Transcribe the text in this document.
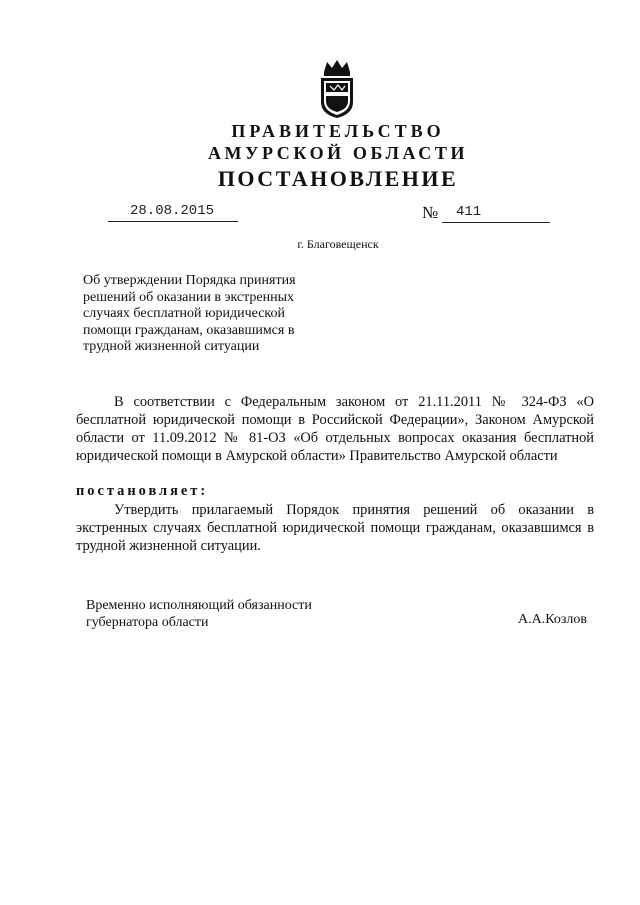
ПРАВИТЕЛЬСТВО
АМУРСКОЙ ОБЛАСТИ
ПОСТАНОВЛЕНИЕ
28.08.2015	№ 411
г. Благовещенск
Об утверждении Порядка принятия
решений об оказании в экстренных
случаях бесплатной юридической
помощи гражданам, оказавшимся в
трудной жизненной ситуации
В соответствии с Федеральным законом от 21.11.2011 № 324-ФЗ «О бесплатной юридической помощи в Российской Федерации», Законом Амурской области от 11.09.2012 № 81-ОЗ «Об отдельных вопросах оказания бесплатной юридической помощи в Амурской области» Правительство Амурской области
постановляет:
Утвердить прилагаемый Порядок принятия решений об оказании в экстренных случаях бесплатной юридической помощи гражданам, оказавшимся в трудной жизненной ситуации.
Временно исполняющий обязанности
губернатора области	А.А.Козлов
